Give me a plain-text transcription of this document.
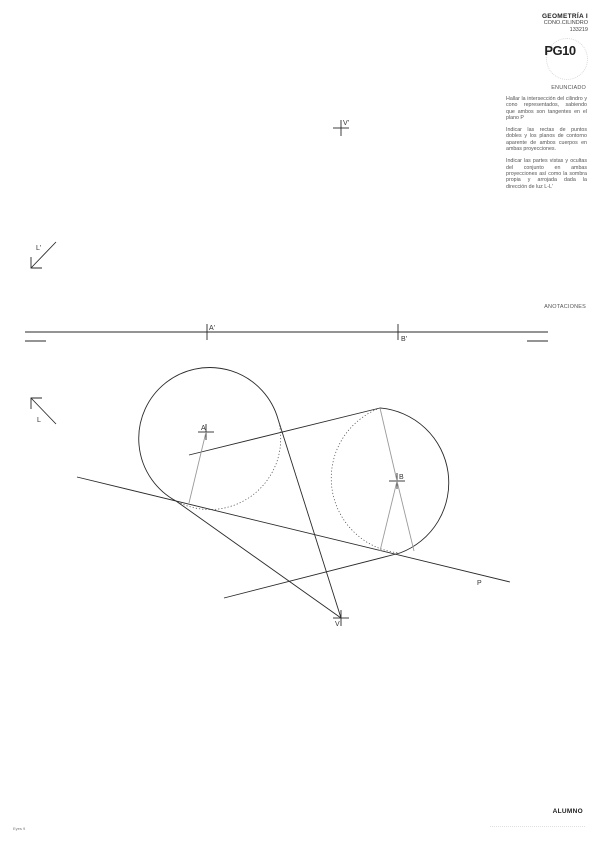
GEOMETRÍA I
CONO.CILINDRO
133219
PG10
ENUNCIADO

Hallar la intersección del cilindro y cono representados, sabiendo que ambos son tangentes en el plano P

Indicar las rectas de puntos dobles y los planos de contorno aparente de ambos cuerpos en ambas proyecciones.

Indicar las partes vistas y ocultas del conjunto en ambas proyecciones así como la sombra propia y arrojada dada la dirección de luz L-L'

ANOTACIONES
V'
L'
A'
B'
L
A
B
P
V
ALUMNO
Eyes 9
